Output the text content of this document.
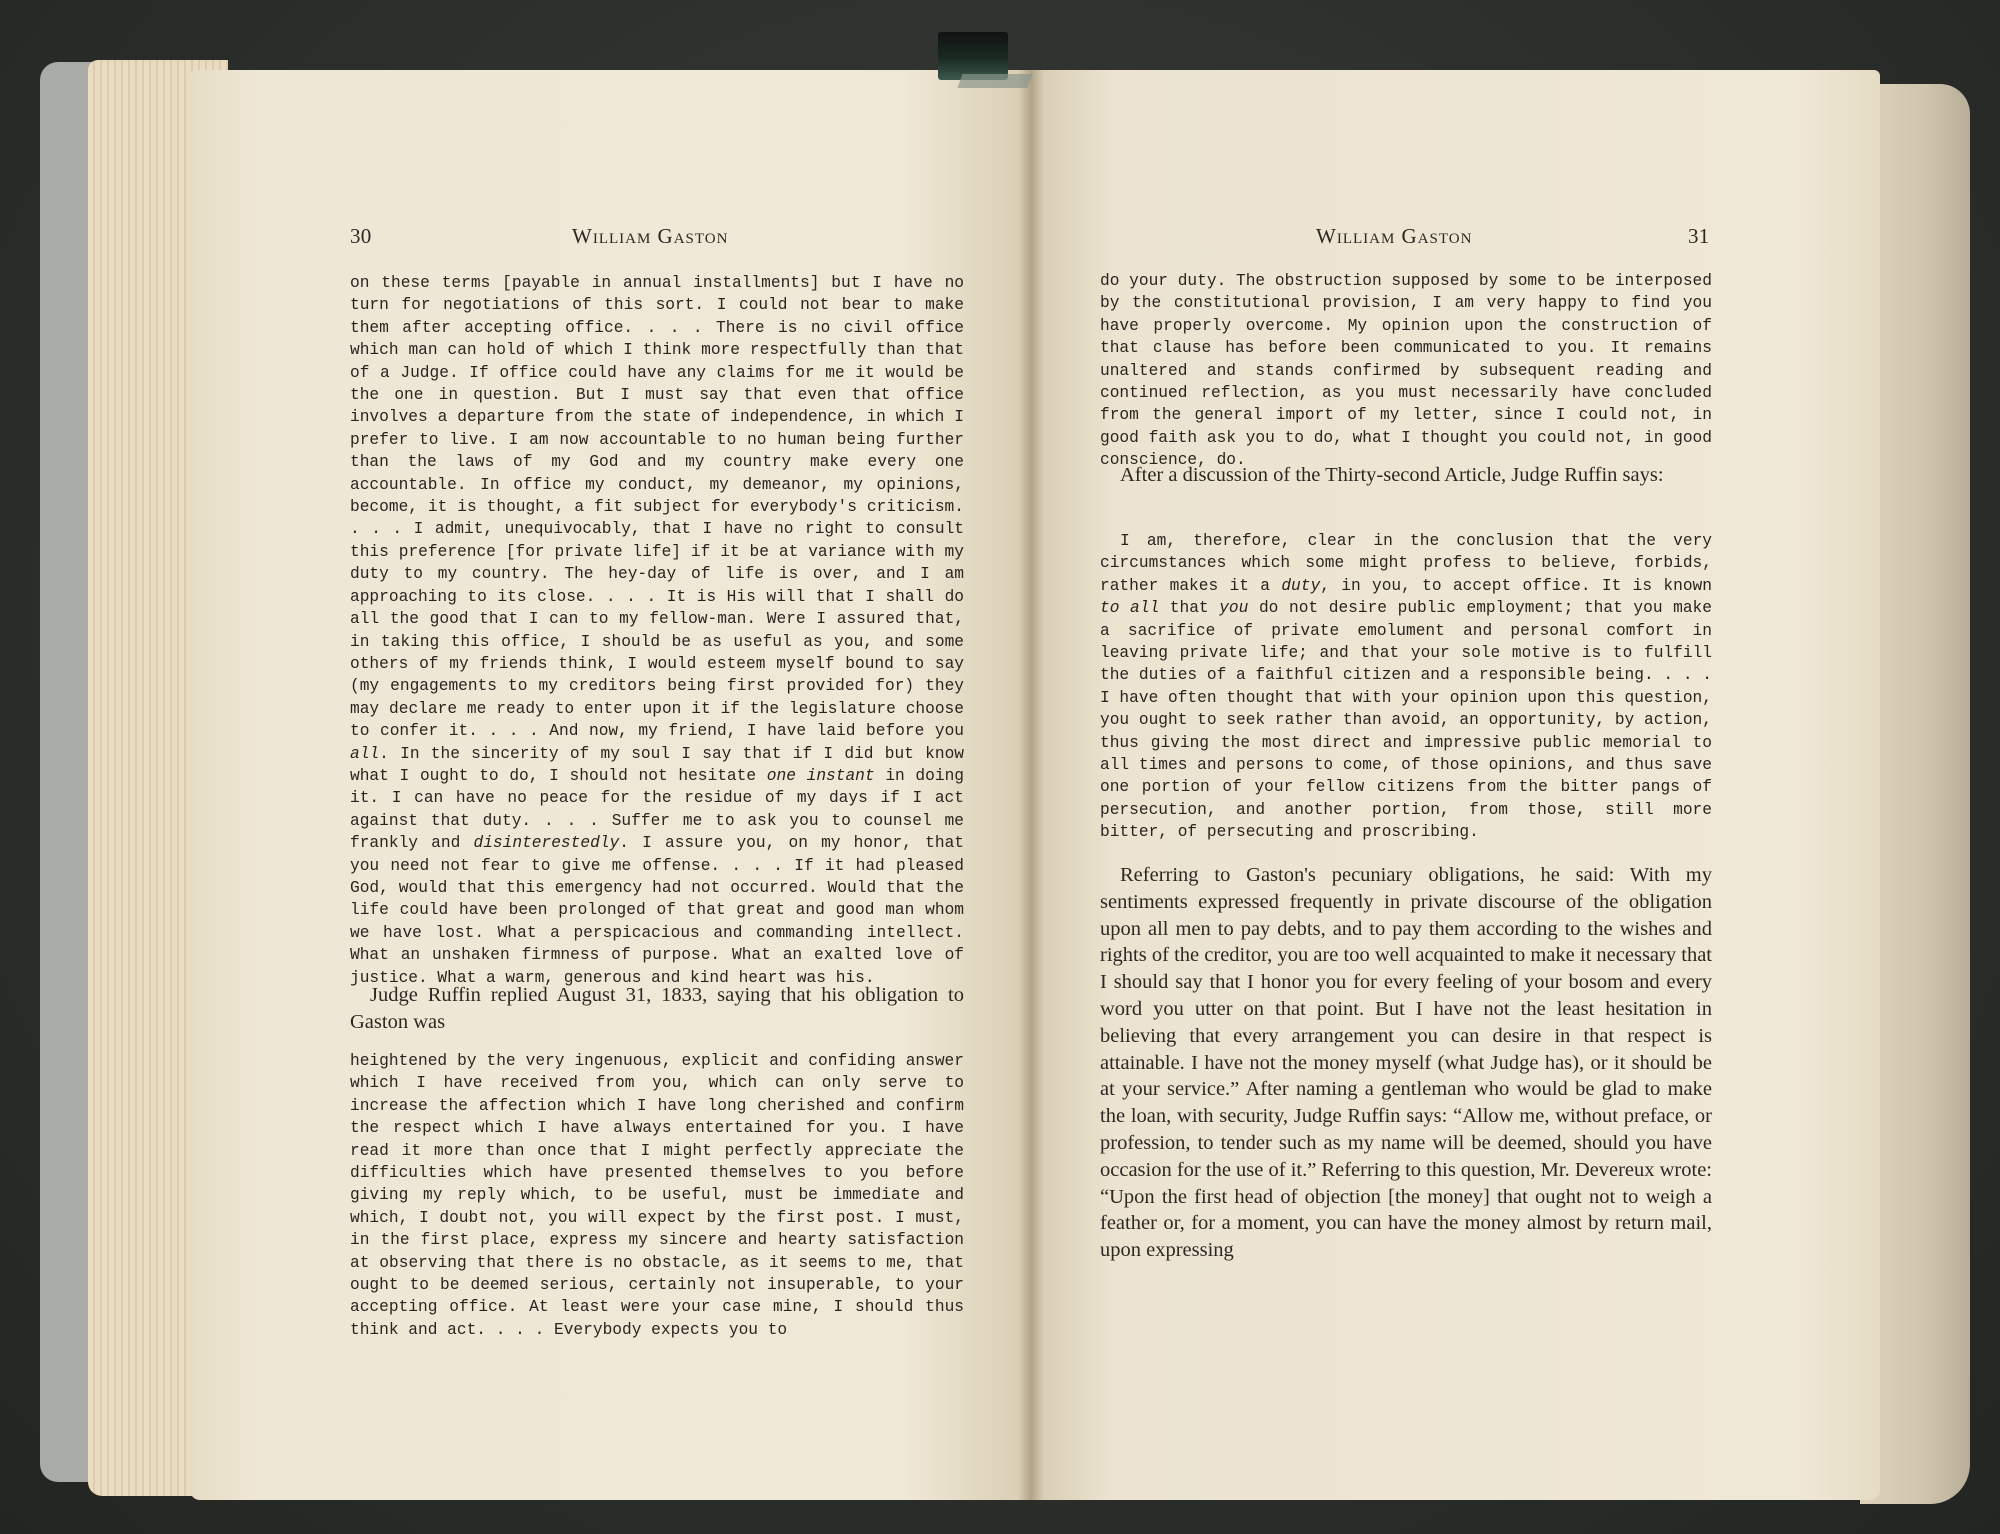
30	William Gaston

on these terms [payable in annual installments] but I have no turn for negotiations of this sort. I could not bear to make them after accepting office. . . . There is no civil office which man can hold of which I think more respectfully than that of a Judge. If office could have any claims for me it would be the one in question. But I must say that even that office involves a departure from the state of independence, in which I prefer to live. I am now accountable to no human being further than the laws of my God and my country make every one accountable. In office my conduct, my demeanor, my opinions, become, it is thought, a fit subject for everybody's criticism. . . . I admit, unequivocably, that I have no right to consult this preference [for private life] if it be at variance with my duty to my country. The hey-day of life is over, and I am approaching to its close. . . . It is His will that I shall do all the good that I can to my fellow-man. Were I assured that, in taking this office, I should be as useful as you, and some others of my friends think, I would esteem myself bound to say (my engagements to my creditors being first provided for) they may declare me ready to enter upon it if the legislature choose to confer it. . . . And now, my friend, I have laid before you all. In the sincerity of my soul I say that if I did but know what I ought to do, I should not hesitate one instant in doing it. I can have no peace for the residue of my days if I act against that duty. . . . Suffer me to ask you to counsel me frankly and disinterestedly. I assure you, on my honor, that you need not fear to give me offense. . . . If it had pleased God, would that this emergency had not occurred. Would that the life could have been prolonged of that great and good man whom we have lost. What a perspicacious and commanding intellect. What an unshaken firmness of purpose. What an exalted love of justice. What a warm, generous and kind heart was his.

Judge Ruffin replied August 31, 1833, saying that his obligation to Gaston was

heightened by the very ingenuous, explicit and confiding answer which I have received from you, which can only serve to increase the affection which I have long cherished and confirm the respect which I have always entertained for you. I have read it more than once that I might perfectly appreciate the difficulties which have presented themselves to you before giving my reply which, to be useful, must be immediate and which, I doubt not, you will expect by the first post. I must, in the first place, express my sincere and hearty satisfaction at observing that there is no obstacle, as it seems to me, that ought to be deemed serious, certainly not insuperable, to your accepting office. At least were your case mine, I should thus think and act. . . . Everybody expects you to

William Gaston	31

do your duty. The obstruction supposed by some to be interposed by the constitutional provision, I am very happy to find you have properly overcome. My opinion upon the construction of that clause has before been communicated to you. It remains unaltered and stands confirmed by subsequent reading and continued reflection, as you must necessarily have concluded from the general import of my letter, since I could not, in good faith ask you to do, what I thought you could not, in good conscience, do.

After a discussion of the Thirty-second Article, Judge Ruffin says:

I am, therefore, clear in the conclusion that the very circumstances which some might profess to believe, forbids, rather makes it a duty, in you, to accept office. It is known to all that you do not desire public employment; that you make a sacrifice of private emolument and personal comfort in leaving private life; and that your sole motive is to fulfill the duties of a faithful citizen and a responsible being. . . . I have often thought that with your opinion upon this question, you ought to seek rather than avoid, an opportunity, by action, thus giving the most direct and impressive public memorial to all times and persons to come, of those opinions, and thus save one portion of your fellow citizens from the bitter pangs of persecution, and another portion, from those, still more bitter, of persecuting and proscribing.

Referring to Gaston's pecuniary obligations, he said: With my sentiments expressed frequently in private discourse of the obligation upon all men to pay debts, and to pay them according to the wishes and rights of the creditor, you are too well acquainted to make it necessary that I should say that I honor you for every feeling of your bosom and every word you utter on that point. But I have not the least hesitation in believing that every arrangement you can desire in that respect is attainable. I have not the money myself (what Judge has), or it should be at your service.” After naming a gentleman who would be glad to make the loan, with security, Judge Ruffin says: “Allow me, without preface, or profession, to tender such as my name will be deemed, should you have occasion for the use of it.” Referring to this question, Mr. Devereux wrote: “Upon the first head of objection [the money] that ought not to weigh a feather or, for a moment, you can have the money almost by return mail, upon expressing
